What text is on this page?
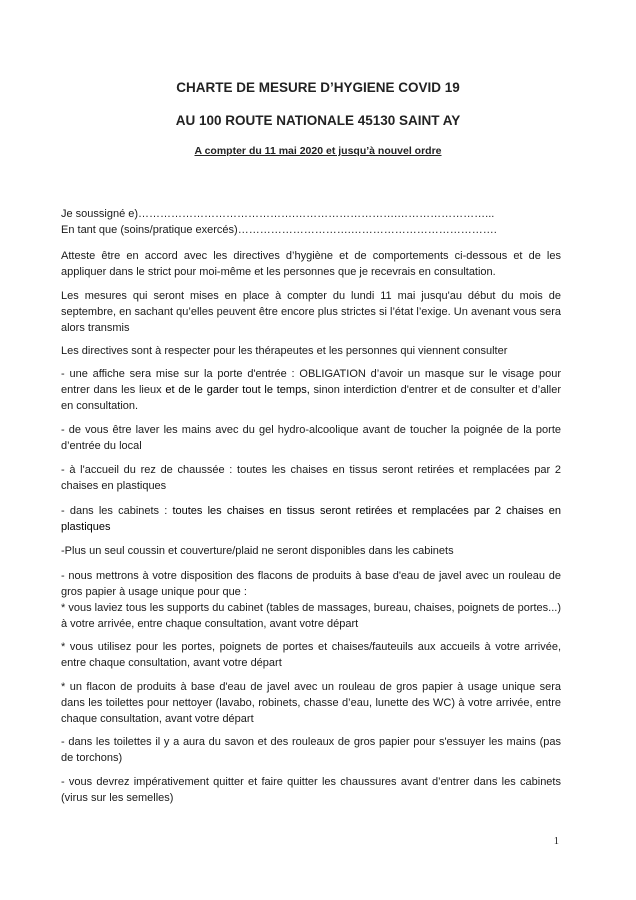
CHARTE DE MESURE D’HYGIENE COVID 19
AU 100 ROUTE NATIONALE 45130 SAINT AY
A compter du 11 mai 2020 et jusqu’à nouvel ordre
Je soussigné e)…………………………………….……………………….……………………...
En tant que (soins/pratique exercés)………………………….………………………………….
Atteste être en accord avec les directives d’hygiène et de comportements ci-dessous et de les appliquer dans le strict pour moi-même et les personnes que je recevrais en consultation.
Les mesures qui seront mises en place à compter du lundi 11 mai jusqu'au début du mois de septembre, en sachant qu’elles peuvent être encore plus strictes si l’état l’exige. Un avenant vous sera alors transmis
Les directives sont à respecter pour les thérapeutes et les personnes qui viennent consulter
- une affiche sera mise sur la porte d'entrée : OBLIGATION d’avoir un masque sur le visage pour entrer dans les lieux et de le garder tout le temps, sinon interdiction d'entrer et de consulter et d’aller en consultation.
- de vous être laver les mains avec du gel hydro-alcoolique avant de toucher la poignée de la porte d’entrée du local
- à l'accueil du rez de chaussée : toutes les chaises en tissus seront retirées et remplacées par 2 chaises en plastiques
- dans les cabinets : toutes les chaises en tissus seront retirées et remplacées par 2 chaises en plastiques
-Plus un seul coussin et couverture/plaid ne seront disponibles dans les cabinets
- nous mettrons à votre disposition des flacons de produits à base d'eau de javel avec un rouleau de gros papier à usage unique pour que :
* vous laviez tous les supports du cabinet (tables de massages, bureau, chaises, poignets de portes...) à votre arrivée, entre chaque consultation, avant votre départ
* vous utilisez pour les portes, poignets de portes et chaises/fauteuils aux accueils à votre arrivée, entre chaque consultation, avant votre départ
* un flacon de produits à base d'eau de javel avec un rouleau de gros papier à usage unique sera dans les toilettes pour nettoyer (lavabo, robinets, chasse d’eau, lunette des WC) à votre arrivée, entre chaque consultation, avant votre départ
- dans les toilettes il y a aura du savon et des rouleaux de gros papier pour s'essuyer les mains (pas de torchons)
- vous devrez impérativement quitter et faire quitter les chaussures avant d’entrer dans les cabinets (virus sur les semelles)
1
